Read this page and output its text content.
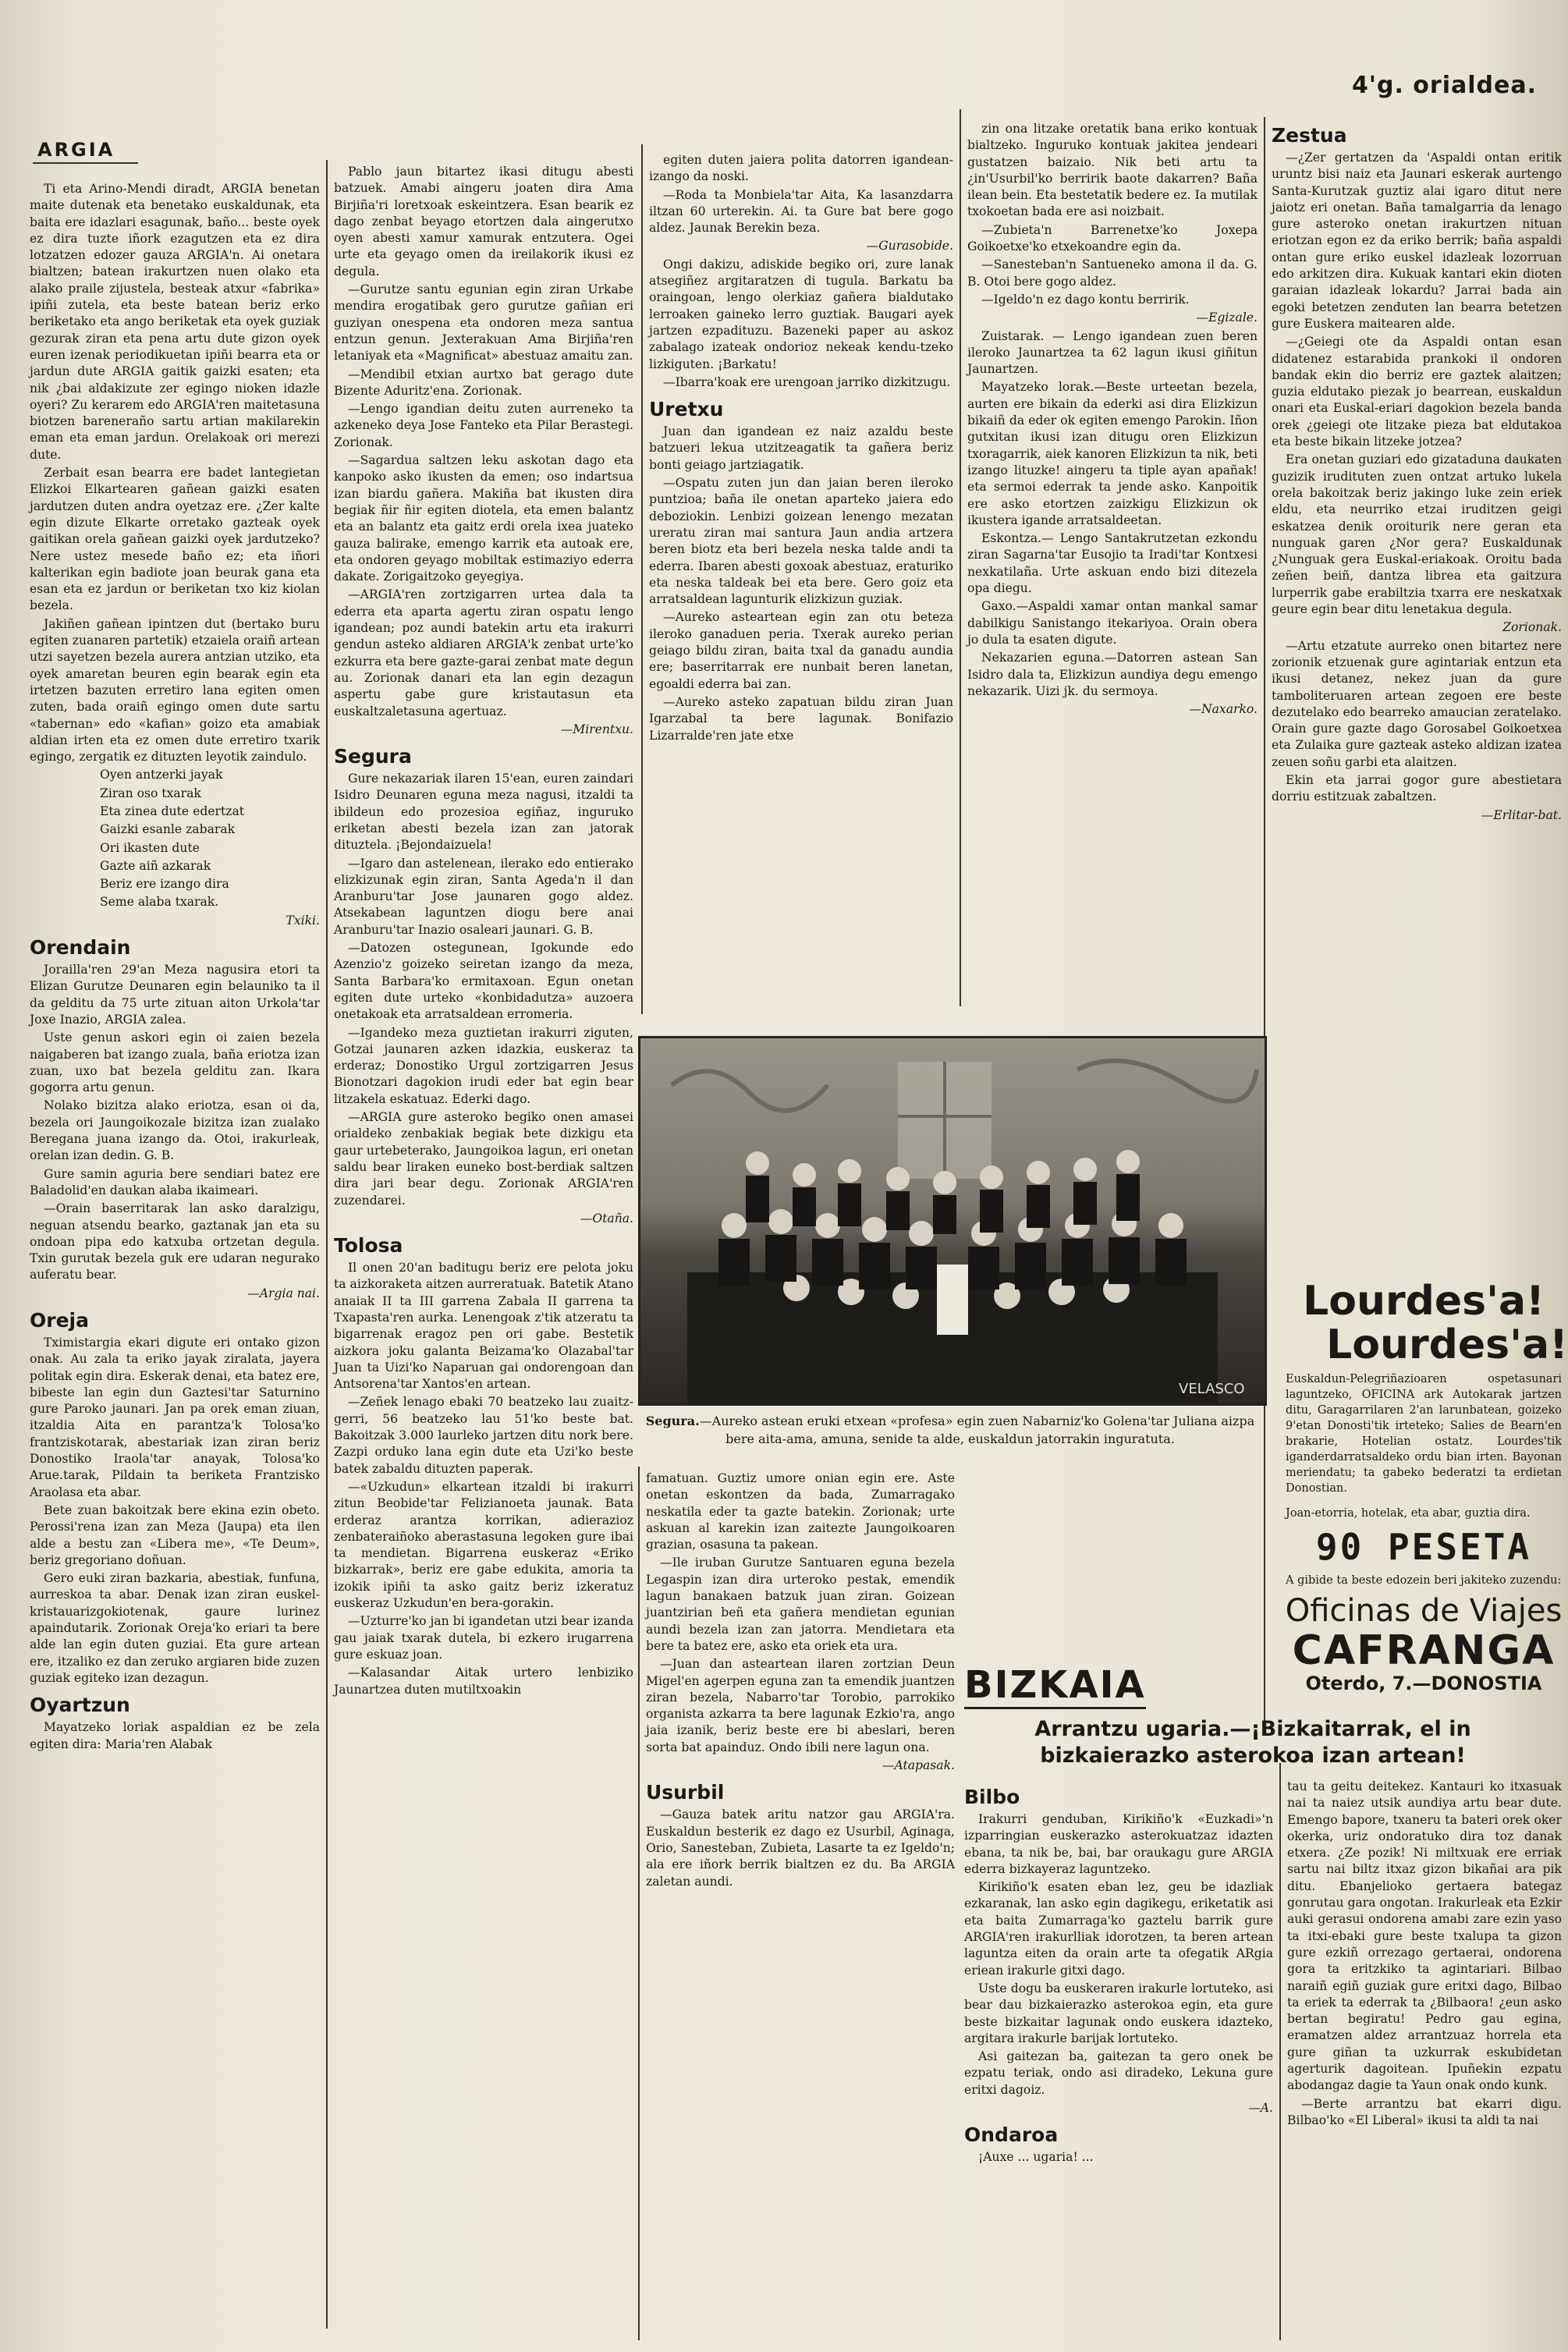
4'g. orialdea.
ARGIA

Ti eta Arino-Mendi diradt, ARGIA benetan maite dutenak eta benetako euskaldunak, eta baita ere idazlari esagunak, baño... beste oyek ez dira tuzte iñork ezagutzen eta ez dira lotzatzen edozer gauza ARGIA'n. Ai onetara bialtzen; batean irakurtzen nuen olako eta alako praile zijustela, besteak atxur «fabrika» ipiñi zutela, eta beste batean beriz erko beriketako eta ango beriketak eta oyek guziak gezurak ziran eta pena artu dute gizon oyek euren izenak periodikuetan ipiñi bearra eta or jardun dute ARGIA gaitik gaizki esaten; eta nik ¿bai aldakizute zer egingo nioken idazle oyeri? Zu kerarem edo ARGIA'ren maitetasuna biotzen bareneraño sartu artian makilarekin eman eta eman jardun. Orelakoak ori merezi dute.

Zerbait esan bearra ere badet lantegietan Elizkoi Elkartearen gañean gaizki esaten jardutzen duten andra oyetzaz ere. ¿Zer kalte egin dizute Elkarte orretako gazteak oyek gaitikan orela gañean gaizki oyek jardutzeko? Nere ustez mesede baño ez; eta iñori kalterikan egin badiote joan beurak gana eta esan eta ez jardun or beriketan txo kiz kiolan bezela.

Jakiñen gañean ipintzen dut (bertako buru egiten zuanaren partetik) etzaiela oraiñ artean utzi sayetzen bezela aurera antzian utziko, eta oyek amaretan beuren egin bearak egin eta irtetzen bazuten erretiro lana egiten omen zuten, bada oraiñ egingo omen dute sartu «tabernan» edo «kafian» goizo eta amabiak aldian irten eta ez omen dute erretiro txarik egingo, zergatik ez dituzten leyotik zaindulo.

Oyen antzerki jayak

Ziran oso txarak

Eta zinea dute edertzat

Gaizki esanle zabarak

Ori ikasten dute

Gazte aiñ azkarak

Beriz ere izango dira

Seme alaba txarak.

Txiki.

Orendain

Jorailla'ren 29'an Meza nagusira etori ta Elizan Gurutze Deunaren egin belauniko ta il da gelditu da 75 urte zituan aiton Urkola'tar Joxe Inazio, ARGIA zalea.

Uste genun askori egin oi zaien bezela naigaberen bat izango zuala, baña eriotza izan zuan, uxo bat bezela gelditu zan. Ikara gogorra artu genun.

Nolako bizitza alako eriotza, esan oi da, bezela ori Jaungoikozale bizitza izan zualako Beregana juana izango da. Otoi, irakurleak, orelan izan dedin. G. B.

Gure samin aguria bere sendiari batez ere Baladolid'en daukan alaba ikaimeari.

—Orain baserritarak lan asko daralzigu, neguan atsendu bearko, gaztanak jan eta su ondoan pipa edo katxuba ortzetan degula. Txin gurutak bezela guk ere udaran negurako auferatu bear.

—Argia nai.

Oreja

Tximistargia ekari digute eri ontako gizon onak. Au zala ta eriko jayak ziralata, jayera politak egin dira. Eskerak denai, eta batez ere, bibeste lan egin dun Gaztesi'tar Saturnino gure Paroko jaunari. Jan pa orek eman ziuan, itzaldia Aita en parantza'k Tolosa'ko frantziskotarak, abestariak izan ziran beriz Donostiko Iraola'tar anayak, Tolosa'ko Arue.tarak, Pildain ta beriketa Frantzisko Araolasa eta abar.

Bete zuan bakoitzak bere ekina ezin obeto. Perossi'rena izan zan Meza (Jaupa) eta ilen alde a bestu zan «Libera me», «Te Deum», beriz gregoriano doñuan.

Gero euki ziran bazkaria, abestiak, funfuna, aurreskoa ta abar. Denak izan ziran euskel-kristauarizgokiotenak, gaure lurinez apaindutarik. Zorionak Oreja'ko eriari ta bere alde lan egin duten guziai. Eta gure artean ere, itzaliko ez dan zeruko argiaren bide zuzen guziak egiteko izan dezagun.

Oyartzun

Mayatzeko loriak aspaldian ez be zela egiten dira: Maria'ren Alabak

Pablo jaun bitartez ikasi ditugu abesti batzuek. Amabi aingeru joaten dira Ama Birjiña'ri loretxoak eskeintzera. Esan bearik ez dago zenbat beyago etortzen dala aingerutxo oyen abesti xamur xamurak entzutera. Ogei urte eta geyago omen da ireilakorik ikusi ez degula.

—Gurutze santu egunian egin ziran Urkabe mendira erogatibak gero gurutze gañian eri guziyan onespena eta ondoren meza santua entzun genun. Jexterakuan Ama Birjiña'ren letaniyak eta «Magnificat» abestuaz amaitu zan.

—Mendibil etxian aurtxo bat gerago dute Bizente Aduritz'ena. Zorionak.

—Lengo igandian deitu zuten aurreneko ta azkeneko deya Jose Fanteko eta Pilar Berastegi. Zorionak.

—Sagardua saltzen leku askotan dago eta kanpoko asko ikusten da emen; oso indartsua izan biardu gañera. Makiña bat ikusten dira begiak ñir ñir egiten diotela, eta emen balantz eta an balantz eta gaitz erdi orela ixea juateko gauza balirake, emengo karrik eta autoak ere, eta ondoren geyago mobiltak estimaziyo ederra dakate. Zorigaitzoko geyegiya.

—ARGIA'ren zortzigarren urtea dala ta ederra eta aparta agertu ziran ospatu lengo igandean; poz aundi batekin artu eta irakurri gendun asteko aldiaren ARGIA'k zenbat urte'ko ezkurra eta bere gazte-garai zenbat mate degun au. Zorionak danari eta lan egin dezagun aspertu gabe gure kristautasun eta euskaltzaletasuna agertuaz.

—Mirentxu.

Segura

Gure nekazariak ilaren 15'ean, euren zaindari Isidro Deunaren eguna meza nagusi, itzaldi ta ibildeun edo prozesioa egiñaz, inguruko eriketan abesti bezela izan zan jatorak dituztela. ¡Bejondaizuela!

—Igaro dan astelenean, ilerako edo entierako elizkizunak egin ziran, Santa Ageda'n il dan Aranburu'tar Jose jaunaren gogo aldez. Atsekabean laguntzen diogu bere anai Aranburu'tar Inazio osaleari jaunari. G. B.

—Datozen ostegunean, Igokunde edo Azenzio'z goizeko seiretan izango da meza, Santa Barbara'ko ermitaxoan. Egun onetan egiten dute urteko «konbidadutza» auzoera onetakoak eta arratsaldean erromeria.

—Igandeko meza guztietan irakurri ziguten, Gotzai jaunaren azken idazkia, euskeraz ta erderaz; Donostiko Urgul zortzigarren Jesus Bionotzari dagokion irudi eder bat egin bear litzakela eskatuaz. Ederki dago.

—ARGIA gure asteroko begiko onen amasei orialdeko zenbakiak begiak bete dizkigu eta gaur urtebeterako, Jaungoikoa lagun, eri onetan saldu bear liraken euneko bost-berdiak saltzen dira jari bear degu. Zorionak ARGIA'ren zuzendarei.

—Otaña.

Tolosa

Il onen 20'an baditugu beriz ere pelota joku ta aizkoraketa aitzen aurreratuak. Batetik Atano anaiak II ta III garrena Zabala II garrena ta Txapasta'ren aurka. Lenengoak z'tik atzeratu ta bigarrenak eragoz pen ori gabe. Bestetik aizkora joku galanta Beizama'ko Olazabal'tar Juan ta Uizi'ko Naparuan gai ondorengoan dan Antsorena'tar Xantos'en artean.

—Zeñek lenago ebaki 70 beatzeko lau zuaitz-gerri, 56 beatzeko lau 51'ko beste bat. Bakoitzak 3.000 laurleko jartzen ditu nork bere. Zazpi orduko lana egin dute eta Uzi'ko beste batek zabaldu dituzten paperak.

—«Uzkudun» elkartean itzaldi bi irakurri zitun Beobide'tar Felizianoeta jaunak. Bata erderaz arantza korrikan, adierazioz zenbateraiñoko aberastasuna legoken gure ibai ta mendietan. Bigarrena euskeraz «Eriko bizkarrak», beriz ere gabe edukita, amoria ta izokik ipiñi ta asko gaitz beriz izkeratuz euskeraz Uzkudun'en bera-gorakin.

—Uzturre'ko jan bi igandetan utzi bear izanda gau jaiak txarak dutela, bi ezkero irugarrena gure eskuaz joan.

—Kalasandar Aitak urtero lenbiziko Jaunartzea duten mutiltxoakin

egiten duten jaiera polita datorren igandean-izango da noski.

—Roda ta Monbiela'tar Aita, Ka lasanzdarra iltzan 60 urterekin. Ai. ta Gure bat bere gogo aldez. Jaunak Berekin beza.

—Gurasobide.

Ongi dakizu, adiskide begiko ori, zure lanak atsegiñez argitaratzen di tugula. Barkatu ba oraingoan, lengo olerkiaz gañera bialdutako lerroaken gaineko lerro guztiak. Baugari ayek jartzen ezpadituzu. Bazeneki paper au askoz zabalago izateak ondorioz nekeak kendu-tzeko lizkiguten. ¡Barkatu!

—Ibarra'koak ere urengoan jarriko dizkitzugu.

Uretxu

Juan dan igandean ez naiz azaldu beste batzueri lekua utzitzeagatik ta gañera beriz bonti geiago jartziagatik.

—Ospatu zuten jun dan jaian beren ileroko puntzioa; baña ile onetan aparteko jaiera edo deboziokin. Lenbizi goizean lenengo mezatan ureratu ziran mai santura Jaun andia artzera beren biotz eta beri bezela neska talde andi ta ederra. Ibaren abesti goxoak abestuaz, eraturiko eta neska taldeak bei eta bere. Gero goiz eta arratsaldean lagunturik elizkizun guziak.

—Aureko asteartean egin zan otu beteza ileroko ganaduen peria. Txerak aureko perian geiago bildu ziran, baita txal da ganadu aundia ere; baserritarrak ere nunbait beren lanetan, egoaldi ederra bai zan.

—Aureko asteko zapatuan bildu ziran Juan Igarzabal ta bere lagunak. Bonifazio Lizarralde'ren jate etxe

zin ona litzake oretatik bana eriko kontuak bialtzeko. Inguruko kontuak jakitea jendeari gustatzen baizaio. Nik beti artu ta ¿in'Usurbil'ko berririk baote dakarren? Baña ilean bein. Eta bestetatik bedere ez. Ia mutilak txokoetan bada ere asi noizbait.

—Zubieta'n Barrenetxe'ko Joxepa Goikoetxe'ko etxekoandre egin da.

—Sanesteban'n Santueneko amona il da. G. B. Otoi bere gogo aldez.

—Igeldo'n ez dago kontu berririk.

—Egizale.

Zuistarak. — Lengo igandean zuen beren ileroko Jaunartzea ta 62 lagun ikusi giñitun Jaunartzen.

Mayatzeko lorak.—Beste urteetan bezela, aurten ere bikain da ederki asi dira Elizkizun bikaiñ da eder ok egiten emengo Parokin. Iñon gutxitan ikusi izan ditugu oren Elizkizun txoragarrik, aiek kanoren Elizkizun ta nik, beti izango lituzke! aingeru ta tiple ayan apañak! eta sermoi ederrak ta jende asko. Kanpoitik ere asko etortzen zaizkigu Elizkizun ok ikustera igande arratsaldeetan.

Eskontza.— Lengo Santakrutzetan ezkondu ziran Sagarna'tar Eusojio ta Iradi'tar Kontxesi nexkatilaña. Urte askuan endo bizi ditezela opa diegu.

Gaxo.—Aspaldi xamar ontan mankal samar dabilkigu Sanistango itekariyoa. Orain obera jo dula ta esaten digute.

Nekazarien eguna.—Datorren astean San Isidro dala ta, Elizkizun aundiya degu emengo nekazarik. Uizi jk. du sermoya.

—Naxarko.

VELASCO
Segura.—Aureko astean eruki etxean «profesa» egin zuen Nabarniz'ko Golena'tar Juliana aizpa bere aita-ama, amuna, senide ta alde, euskaldun jatorrakin inguratuta.

famatuan. Guztiz umore onian egin ere. Aste onetan eskontzen da bada, Zumarragako neskatila eder ta gazte batekin. Zorionak; urte askuan al karekin izan zaitezte Jaungoikoaren grazian, osasuna ta pakean.

—Ile iruban Gurutze Santuaren eguna bezela Legaspin izan dira urteroko pestak, emendik lagun banakaen batzuk juan ziran. Goizean juantzirian beñ eta gañera mendietan egunian aundi bezela izan zan jatorra. Mendietara eta bere ta batez ere, asko eta oriek eta ura.

—Juan dan asteartean ilaren zortzian Deun Migel'en agerpen eguna zan ta emendik juantzen ziran bezela, Nabarro'tar Torobio, parrokiko organista azkarra ta bere lagunak Ezkio'ra, ango jaia izanik, beriz beste ere bi abeslari, beren sorta bat apainduz. Ondo ibili nere lagun ona.

—Atapasak.

Usurbil

—Gauza batek aritu natzor gau ARGIA'ra. Euskaldun besterik ez dago ez Usurbil, Aginaga, Orio, Sanesteban, Zubieta, Lasarte ta ez Igeldo'n; ala ere iñork berrik bialtzen ez du. Ba ARGIA zaletan aundi.

BIZKAIA
Arrantzu ugaria.—¡Bizkaitarrak, el in bizkaierazko asterokoa izan artean!
Bilbo

Irakurri genduban, Kirikiño'k «Euzkadi»'n izparringian euskerazko asterokuatzaz idazten ebana, ta nik be, bai, bar oraukagu gure ARGIA ederra bizkayeraz laguntzeko.

Kirikiño'k esaten eban lez, geu be idazliak ezkaranak, lan asko egin dagikegu, eriketatik asi eta baita Zumarraga'ko gaztelu barrik gure ARGIA'ren irakurlliak idorotzen, ta beren artean laguntza eiten da orain arte ta ofegatik ARgia eriean irakurle gitxi dago.

Uste dogu ba euskeraren irakurle lortuteko, asi bear dau bizkaierazko asterokoa egin, eta gure beste bizkaitar lagunak ondo euskera idazteko, argitara irakurle barijak lortuteko.

Asi gaitezan ba, gaitezan ta gero onek be ezpatu teriak, ondo asi diradeko, Lekuna gure eritxi dagoiz.

—A.

Ondaroa

¡Auxe ... ugaria! ...

Zestua

—¿Zer gertatzen da 'Aspaldi ontan eritik uruntz bisi naiz eta Jaunari eskerak aurtengo Santa-Kurutzak guztiz alai igaro ditut nere jaiotz eri onetan. Baña tamalgarria da lenago gure asteroko onetan irakurtzen nituan eriotzan egon ez da eriko berrik; baña aspaldi ontan gure eriko euskel idazleak lozorruan edo arkitzen dira. Kukuak kantari ekin dioten garaian idazleak lokardu? Jarrai bada ain egoki betetzen zenduten lan bearra betetzen gure Euskera maitearen alde.

—¿Geiegi ote da Aspaldi ontan esan didatenez estarabida prankoki il ondoren bandak ekin dio berriz ere gaztek alaitzen; guzia eldutako piezak jo bearrean, euskaldun onari eta Euskal-eriari dagokion bezela banda orek ¿geiegi ote litzake pieza bat eldutakoa eta beste bikain litzeke jotzea?

Era onetan guziari edo gizataduna daukaten guzizik irudituten zuen ontzat artuko lukela orela bakoitzak beriz jakingo luke zein eriek eldu, eta neurriko etzai iruditzen geigi eskatzea denik oroiturik nere geran eta nunguak garen ¿Nor gera? Euskaldunak ¿Nunguak gera Euskal-eriakoak. Oroitu bada zeñen beiñ, dantza librea eta gaitzura lurperrik gabe erabiltzia txarra ere neskatxak geure egin bear ditu lenetakua degula.

Zorionak.

—Artu etzatute aurreko onen bitartez nere zorionik etzuenak gure agintariak entzun eta ikusi detanez, nekez juan da gure tamboliteruaren artean zegoen ere beste dezutelako edo bearreko amaucian zeratelako. Orain gure gazte dago Gorosabel Goikoetxea eta Zulaika gure gazteak asteko aldizan izatea zeuen soñu garbi eta alaitzen.

Ekin eta jarrai gogor gure abestietara dorriu estitzuak zabaltzen.

—Erlitar-bat.

Lourdes'a!
Lourdes'a!
Euskaldun-Pelegriñazioaren ospetasunari laguntzeko, OFICINA ark Autokarak jartzen ditu, Garagarrilaren 2'an larunbatean, goizeko 9'etan Donosti'tik irteteko; Salies de Bearn'en brakarie, Hotelian ostatz. Lourdes'tik iganderdarratsaldeko ordu bian irten. Bayonan meriendatu; ta gabeko bederatzi ta erdietan Donostian.
Joan-etorria, hotelak, eta abar, guztia dira.
90 PESETA
A gibide ta beste edozein beri jakiteko zuzendu:
Oficinas de Viajes
CAFRANGA
Oterdo, 7.—DONOSTIA

tau ta geitu deitekez. Kantauri ko itxasuak nai ta naiez utsik aundiya artu bear dute. Emengo bapore, txaneru ta bateri orek oker okerka, uriz ondoratuko dira toz danak etxera. ¿Ze pozik! Ni miltxuak ere erriak sartu nai biltz itxaz gizon bikañai ara pik ditu. Ebanjelioko gertaera bategaz gonrutau gara ongotan. Irakurleak eta Ezkir auki gerasui ondorena amabi zare ezin yaso ta itxi-ebaki gure beste txalupa ta gizon gure ezkiñ orrezago gertaerai, ondorena gora ta eritzkiko ta agintariari. Bilbao naraiñ egiñ guziak gure eritxi dago, Bilbao ta eriek ta ederrak ta ¿Bilbaora! ¿eun asko bertan begiratu! Pedro gau egina, eramatzen aldez arrantzuaz horrela eta gure giñan ta uzkurrak eskubidetan agerturik dagoitean. Ipuñekin ezpatu abodangaz dagie ta Yaun onak ondo kunk.

—Berte arrantzu bat ekarri digu. Bilbao'ko «El Liberal» ikusi ta aldi ta nai
